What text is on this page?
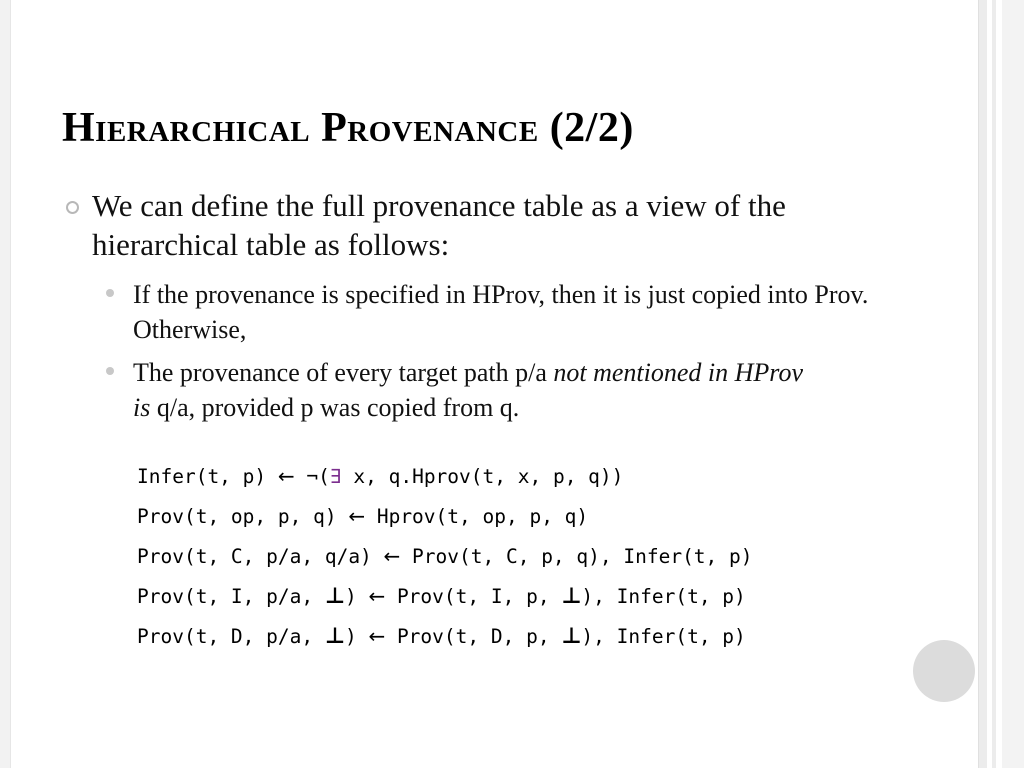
Hierarchical Provenance (2/2)
We can define the full provenance table as a view of the hierarchical table as follows:
If the provenance is specified in HProv, then it is just copied into Prov. Otherwise,
The provenance of every target path p/a not mentioned in HProv is q/a, provided p was copied from q.
Infer(t, p) ← ¬(∃ x, q.Hprov(t, x, p, q))
Prov(t, op, p, q) ← Hprov(t, op, p, q)
Prov(t, C, p/a, q/a) ← Prov(t, C, p, q), Infer(t, p)
Prov(t, I, p/a, ⊥) ← Prov(t, I, p, ⊥), Infer(t, p)
Prov(t, D, p/a, ⊥) ← Prov(t, D, p, ⊥), Infer(t, p)
